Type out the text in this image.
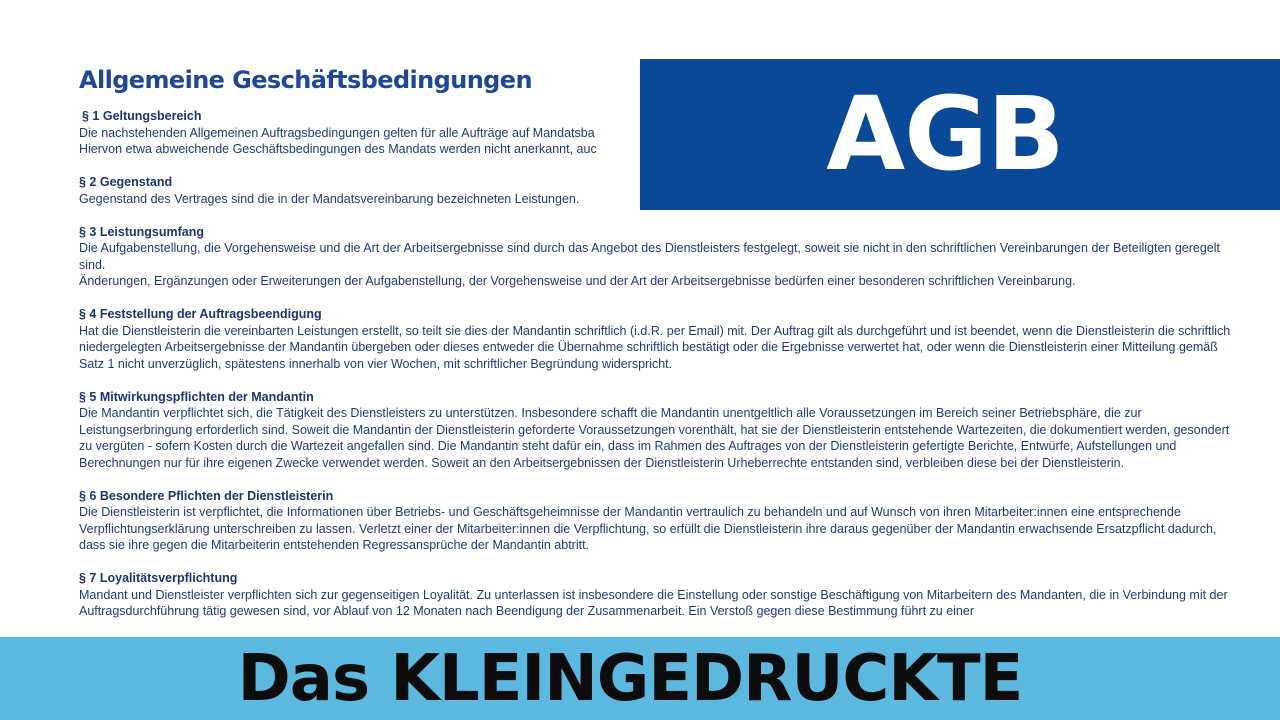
Allgemeine Geschäftsbedingungen
§ 1 Geltungsbereich

Die nachstehenden Allgemeinen Auftragsbedingungen gelten für alle Aufträge auf Mandatsba

Hiervon etwa abweichende Geschäftsbedingungen des Mandats werden nicht anerkannt, auc

§ 2 Gegenstand

Gegenstand des Vertrages sind die in der Mandatsvereinbarung bezeichneten Leistungen.

§ 3 Leistungsumfang

Die Aufgabenstellung, die Vorgehensweise und die Art der Arbeitsergebnisse sind durch das Angebot des Dienstleisters festgelegt, soweit sie nicht in den schriftlichen Vereinbarungen der Beteiligten geregelt sind.

Änderungen, Ergänzungen oder Erweiterungen der Aufgabenstellung, der Vorgehensweise und der Art der Arbeitsergebnisse bedürfen einer besonderen schriftlichen Vereinbarung.

§ 4 Feststellung der Auftragsbeendigung

Hat die Dienstleisterin die vereinbarten Leistungen erstellt, so teilt sie dies der Mandantin schriftlich (i.d.R. per Email) mit. Der Auftrag gilt als durchgeführt und ist beendet, wenn die Dienstleisterin die schriftlich niedergelegten Arbeitsergebnisse der Mandantin übergeben oder dieses entweder die Übernahme schriftlich bestätigt oder die Ergebnisse verwertet hat, oder wenn die Dienstleisterin einer Mitteilung gemäß Satz 1 nicht unverzüglich, spätestens innerhalb von vier Wochen, mit schriftlicher Begründung widerspricht.

§ 5 Mitwirkungspflichten der Mandantin

Die Mandantin verpflichtet sich, die Tätigkeit des Dienstleisters zu unterstützen. Insbesondere schafft die Mandantin unentgeltlich alle Voraussetzungen im Bereich seiner Betriebsphäre, die zur Leistungserbringung erforderlich sind. Soweit die Mandantin der Dienstleisterin geforderte Voraussetzungen vorenthält, hat sie der Dienstleisterin entstehende Wartezeiten, die dokumentiert werden, gesondert zu vergüten - sofern Kosten durch die Wartezeit angefallen sind. Die Mandantin steht dafür ein, dass im Rahmen des Auftrages von der Dienstleisterin gefertigte Berichte, Entwürfe, Aufstellungen und Berechnungen nur für ihre eigenen Zwecke verwendet werden. Soweit an den Arbeitsergebnissen der Dienstleisterin Urheberrechte entstanden sind, verbleiben diese bei der Dienstleisterin.

§ 6 Besondere Pflichten der Dienstleisterin

Die Dienstleisterin ist verpflichtet, die Informationen über Betriebs- und Geschäftsgeheimnisse der Mandantin vertraulich zu behandeln und auf Wunsch von ihren Mitarbeiter:innen eine entsprechende Verpflichtungserklärung unterschreiben zu lassen. Verletzt einer der Mitarbeiter:innen die Verpflichtung, so erfüllt die Dienstleisterin ihre daraus gegenüber der Mandantin erwachsende Ersatzpflicht dadurch, dass sie ihre gegen die Mitarbeiterin entstehenden Regressansprüche der Mandantin abtritt.

§ 7 Loyalitätsverpflichtung

Mandant und Dienstleister verpflichten sich zur gegenseitigen Loyalität. Zu unterlassen ist insbesondere die Einstellung oder sonstige Beschäftigung von Mitarbeitern des Mandanten, die in Verbindung mit der Auftragsdurchführung tätig gewesen sind, vor Ablauf von 12 Monaten nach Beendigung der Zusammenarbeit. Ein Verstoß gegen diese Bestimmung führt zu einer

AGB
Das KLEINGEDRUCKTE
